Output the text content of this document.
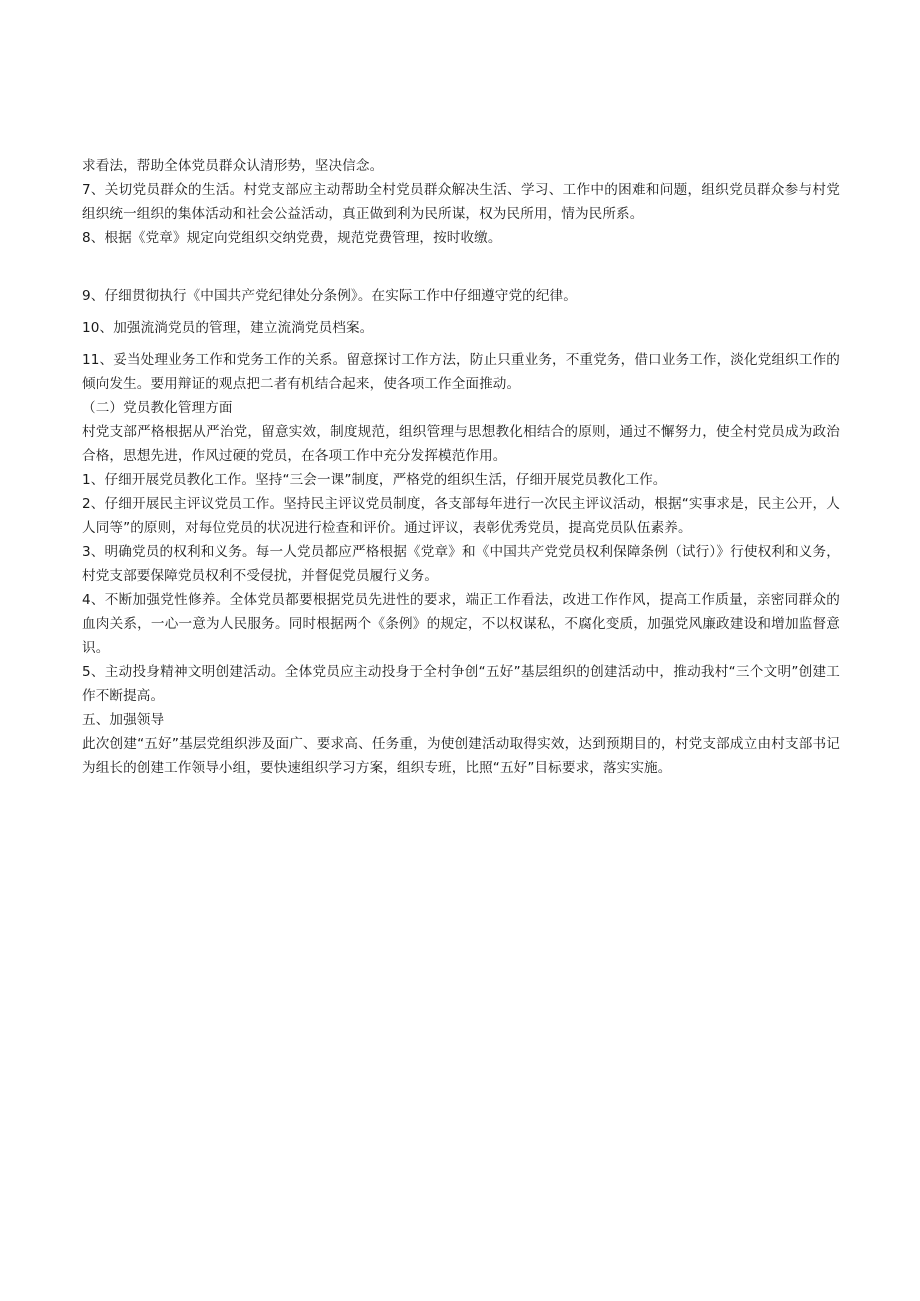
求看法，帮助全体党员群众认清形势，坚决信念。

7、关切党员群众的生活。村党支部应主动帮助全村党员群众解决生活、学习、工作中的困难和问题，组织党员群众参与村党组织统一组织的集体活动和社会公益活动，真正做到利为民所谋，权为民所用，情为民所系。

8、根据《党章》规定向党组织交纳党费，规范党费管理，按时收缴。

9、仔细贯彻执行《中国共产党纪律处分条例》。在实际工作中仔细遵守党的纪律。

10、加强流淌党员的管理，建立流淌党员档案。

11、妥当处理业务工作和党务工作的关系。留意探讨工作方法，防止只重业务，不重党务，借口业务工作，淡化党组织工作的倾向发生。要用辩证的观点把二者有机结合起来，使各项工作全面推动。

（二）党员教化管理方面

村党支部严格根据从严治党，留意实效，制度规范，组织管理与思想教化相结合的原则，通过不懈努力，使全村党员成为政治合格，思想先进，作风过硬的党员，在各项工作中充分发挥模范作用。

1、仔细开展党员教化工作。坚持“三会一课”制度，严格党的组织生活，仔细开展党员教化工作。

2、仔细开展民主评议党员工作。坚持民主评议党员制度，各支部每年进行一次民主评议活动，根据“实事求是，民主公开，人人同等”的原则，对每位党员的状况进行检查和评价。通过评议，表彰优秀党员，提高党员队伍素养。

3、明确党员的权利和义务。每一人党员都应严格根据《党章》和《中国共产党党员权利保障条例（试行）》行使权利和义务，村党支部要保障党员权利不受侵扰，并督促党员履行义务。

4、不断加强党性修养。全体党员都要根据党员先进性的要求，端正工作看法，改进工作作风，提高工作质量，亲密同群众的血肉关系，一心一意为人民服务。同时根据两个《条例》的规定，不以权谋私，不腐化变质，加强党风廉政建设和增加监督意识。

5、主动投身精神文明创建活动。全体党员应主动投身于全村争创“五好”基层组织的创建活动中，推动我村“三个文明”创建工作不断提高。

五、加强领导

此次创建“五好”基层党组织涉及面广、要求高、任务重，为使创建活动取得实效，达到预期目的，村党支部成立由村支部书记为组长的创建工作领导小组，要快速组织学习方案，组织专班，比照“五好”目标要求，落实实施。
